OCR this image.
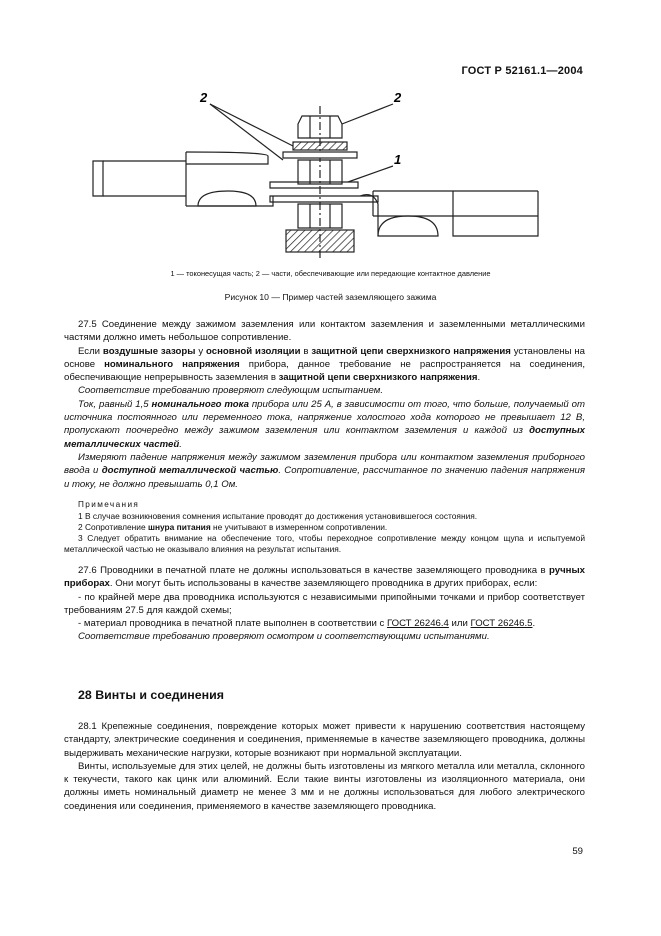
ГОСТ Р 52161.1—2004
2	2
1
1 — токонесущая часть; 2 — части, обеспечивающие или передающие контактное давление
Рисунок 10 — Пример частей заземляющего зажима

27.5 Соединение между зажимом заземления или контактом заземления и заземленными металлическими частями должно иметь небольшое сопротивление.

Если воздушные зазоры у основной изоляции в защитной цепи сверхнизкого напряжения установлены на основе номинального напряжения прибора, данное требование не распространяется на соединения, обеспечивающие непрерывность заземления в защитной цепи сверхнизкого напряжения.

Соответствие требованию проверяют следующим испытанием.

Ток, равный 1,5 номинального тока прибора или 25 А, в зависимости от того, что больше, получаемый от источника постоянного или переменного тока, напряжение холостого хода которого не превышает 12 В, пропускают поочередно между зажимом заземления или контактом заземления и каждой из доступных металлических частей.

Измеряют падение напряжения между зажимом заземления прибора или контактом заземления приборного ввода и доступной металлической частью. Сопротивление, рассчитанное по значению падения напряжения и току, не должно превышать 0,1 Ом.

Примечания

1 В случае возникновения сомнения испытание проводят до достижения установившегося состояния.

2 Сопротивление шнура питания не учитывают в измеренном сопротивлении.

3 Следует обратить внимание на обеспечение того, чтобы переходное сопротивление между концом щупа и испытуемой металлической частью не оказывало влияния на результат испытания.

27.6 Проводники в печатной плате не должны использоваться в качестве заземляющего проводника в ручных приборах. Они могут быть использованы в качестве заземляющего проводника в других приборах, если:

- по крайней мере два проводника используются с независимыми припойными точками и прибор соответствует требованиям 27.5 для каждой схемы;

- материал проводника в печатной плате выполнен в соответствии с ГОСТ 26246.4 или ГОСТ 26246.5.

Соответствие требованию проверяют осмотром и соответствующими испытаниями.

28 Винты и соединения

28.1 Крепежные соединения, повреждение которых может привести к нарушению соответствия настоящему стандарту, электрические соединения и соединения, применяемые в качестве заземляющего проводника, должны выдерживать механические нагрузки, которые возникают при нормальной эксплуатации.

Винты, используемые для этих целей, не должны быть изготовлены из мягкого металла или металла, склонного к текучести, такого как цинк или алюминий. Если такие винты изготовлены из изоляционного материала, они должны иметь номинальный диаметр не менее 3 мм и не должны использоваться для любого электрического соединения или соединения, применяемого в качестве заземляющего проводника.

59
